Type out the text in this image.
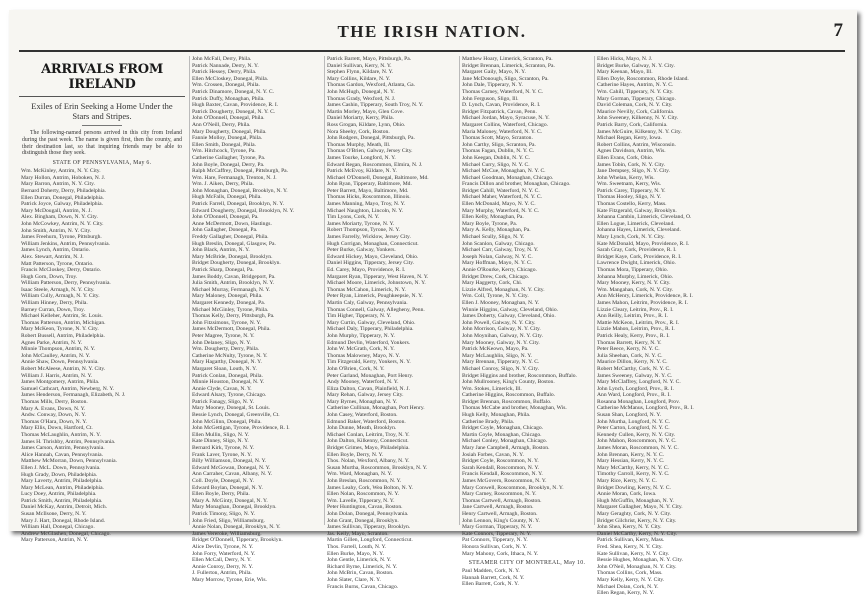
THE IRISH NATION.	7
ARRIVALS FROM IRELAND
Exiles of Erin Seeking a Home Under the Stars and Stripes.
The following-named persons arrived in this city from Ireland during the past week. The name is given first, then the county, and their destination last, so that inquiring friends may be able to distinguish those they seek.
STATE OF PENNSYLVANIA, May 6.
Wm. McKinley, Antrim, N. Y. City.
Mary Hollon, Antrim, Hoboken, N. J.
Mary Barron, Antrim, N. Y. City.
Bernard Doherty, Derry, Philadelphia.
Ellen Durran, Donegal, Philadelphia.
Patrick Joyce, Galway, Philadelphia.
Mary McDougall, Antrim, N. J.
Alex. Bingham, Down, N. Y. City.
John McCowkey, Antrim, N. Y. City.
John Smith, Antrim, N. Y. City.
James Freehurn, Tyrone, Pittsburgh.
William Jenkins, Antrim, Pennsylvania.
James Lynch, Antrim, Ontario.
Alex. Stewart, Antrim, N. J.
Matt Patterson, Tyrone, Ontario.
Francis McCloskey, Derry, Ontario.
Hugh Gorn, Down, Troy.
William Patterson, Derry, Pennsylvania.
Isaac Steele, Armagh, N. Y. City.
William Cully, Armagh, N. Y. City.
William Hinney, Derry, Phila.
Barney Curran, Down, Troy.
Michael Kelleher, Antrim, St. Louis.
Thomas Patterson, Antrim, Michigan.
Mary McKeon, Tyrone, N. Y. City.
Robert Bussell, Antrim, Philadelphia.
Agnes Parke, Antrim, N. Y.
Minnie Thompson, Antrim, N. Y.
John McCaulley, Antrim, N. Y.
Annie Shaw, Down, Pennsylvania.
Robert McAleese, Antrim, N. Y. City.
William J. Harris, Antrim, N. Y.
James Montgomery, Antrim, Phila.
Samuel Cathcart, Antrim, Newberg, N. Y.
James Henderson, Fermanagh, Elizabeth, N. J.
Thomas Mills, Derry, Boston.
Mary A. Evans, Down, N. Y.
Andw. Conway, Down, N. Y.
Thomas O'Hara, Down, N. Y.
Mary Ellis, Down, Hartford, Ct.
Thomas McLaughlin, Antrim, N. Y.
James H. Thrishby, Antrim, Pennsylvania.
James Carson, Antrim, Pennsylvania.
Alice Hannah, Cavan, Pennsylvania.
Matthew McMorran, Down, Pennsylvania.
Ellen J. McL. Down, Pennsylvania.
Hugh Grady, Down, Philadelphia.
Mary Laverty, Antrim, Philadelphia.
Mary McLean, Antrim, Philadelphia.
Lucy Doey, Antrim, Philadelphia.
Patrick Smith, Antrim, Philadelphia.
Daniel McKay, Antrim, Detroit, Mich.
Susan McIlsone, Derry, N. Y.
Mary J. Hart, Donegal, Rhode Island.
William Hall, Donegal, Chicago.
Andrew McGlashen, Donegal, Chicago.
Mary Patterson, Antrim, N. Y.
John McFall, Derry, Phila.
Patrick Nannade, Derry, N. Y.
Patrick Hessey, Derry, Phila.
Ellen McCloskey, Donegal, Phila.
Wm. Crossen, Donegal, Phila.
Patrick Dinamore, Donegal, N. Y. C.
Patrick Duffy, Monaghan, Phila.
Hugh Baxter, Cavan, Providence, R. I.
Patrick Dougherty, Donegal, N. Y. C.
John O'Donnell, Donegal, Phila.
Ann O'Neill, Derry, Phila.
Mary Dougherty, Donegal, Phila.
Fannie Molloy, Donegal, Phila.
Ellen Smith, Donegal, Phila.
Wm. Hitchcock, Tyrone, Pa.
Catherine Gallagher, Tyrone, Pa.
John Boyle, Donegal, Derry, Pa.
Ralph McCaffrey, Donegal, Pittsburgh, Pa.
Wm. Hare, Fermanagh, Trenton, N. J.
Wm. J. Aiken, Derry, Phila.
John Monaghan, Donegal, Brooklyn, N. Y.
Hugh McFalls, Donegal, Phila.
Patrick Farrell, Donegal, Brooklyn, N. Y.
Edward Dougherty, Donegal, Brooklyn, N. Y.
John O'Donnell, Donegal, Pa.
Anne McDermott, Down, Hastings.
John Gallagher, Donegal, Pa.
Freddy Gallagher, Donegal, Phila.
Hugh Breslin, Donegal, Glasgow, Pa.
John Black, Antrim, N. Y.
Mary McBride, Donegal, Brooklyn.
Bridget Dougherty, Donegal, Brooklyn.
Patrick Sharp, Donegal, Pa.
James Boddy, Cavan, Bridgeport, Pa.
Julia Smith, Antrim, Brooklyn, N. Y.
Michael Murray, Fermanagh, N. Y.
Mary Maloney, Donegal, Phila.
Margaret Kennedy, Donegal, Pa.
Michael McGinley, Tyrone, Phila.
Thomas Kelly, Derry, Pittsburgh, Pa.
John Fitzsimons, Tyrone, N. Y.
James McDermott, Donegal, Phila.
Peter Magree, Tyrone, N. Y.
John Delaney, Sligo, N. Y.
Wm. Dougherty, Derry, Phila.
Catherine McNulty, Tyrone, N. Y.
Mary Hagarthy, Donegal, N. Y.
Margaret Sloan, Louth, N. Y.
Patrick Conlan, Donegal, Phila.
Minnie Houston, Donegal, N. Y.
Annie Clyde, Cavan, N. Y.
Edward Alsary, Tyrone, Chicago.
Patrick Fanagy, Sligo, N. Y.
Mary Mooney, Donegal, St. Louis.
Bessie Lynch, Donegal, Greenville, Ct.
John McGlinn, Donegal, Phila.
John McGettigan, Tyrone, Providence, R. I.
Ellen Mullin, Sligo, N. Y.
Kate Dinney, Sligo, N. Y.
Bernard Kirk, Tyrone, N. Y.
Frank Laver, Tyrone, N. Y.
Billy Williamson, Donegal, N. Y.
Edward McGowan, Donegal, N. Y.
Ann Carraher, Cavan, Albany, N. Y.
Coll. Doyle, Donegal, N. Y.
Edward Boylan, Donegal, N. Y.
Ellen Boyle, Derry, Phila.
Mary A. McGinty, Donegal, N. Y.
Mary Monaghan, Donegal, Brooklyn.
Patrick Timony, Sligo, N. Y.
John Fried, Sligo, Williamsburg.
Annie Nolan, Donegal, Brooklyn, N. Y.
James Vereroke, Williamsburg.
Bridget O'Donnell, Tipperary, Brooklyn.
Alice Devlin, Tyrone, N. Y.
John Forry, Waterford, N. Y.
Ellen McCall, Derry, N. Y.
Annie Conroy, Derry, N. Y.
J. Fullerton, Antrim, Phila.
Mary Morrow, Tyrone, Erie, Wis.
Patrick Barrett, Mayo, Pittsburgh, Pa.
Daniel Sullivan, Kerry, N. Y.
Stephen Flynn, Kildare, N. Y.
Mary Collins, Kildare, N. Y.
Thomas Gardon, Wexford, Atlanta, Ga.
John McHugh, Donegal, N. Y.
Thomas Grady, Wexford, N. J.
James Cashin, Tipperary, South Troy, N. Y.
Martin Morley, Mayo, Glen Cove.
Daniel Moriarty, Kerry, Phila.
Ross Grogan, Kildare, Lynn, Ohio.
Nora Sheehy, Cork, Boston.
John Rodgers, Donegal, Pittsburgh, Pa.
Thomas Murphy, Meath, Ill.
Thomas O'Brien, Galway, Jersey City.
James Tourke, Longford, N. Y.
Edward Regan, Roscommon, Elmira, N. J.
Patrick McEvoy, Kildare, N. Y.
Michael O'Donnell, Donegal, Baltimore, Md.
John Ryan, Tipperary, Baltimore, Md.
Peter Barrett, Mayo, Baltimore, Md.
Thomas Hicks, Roscommon, Illinois.
James Manning, Mayo, Troy, N. Y.
Michael Naughton, Lincoln, N. Y.
Tim Lyons, Cork, N. Y.
James Moriarty, Tyrone, N. Y.
Robert Thompson, Tyrone, N. Y.
James Farrelly, Wicklow, Jersey City.
Hugh Corrigan, Monaghan, Connecticut.
Peter Burke, Galway, Yonkers.
Edward Hickey, Mayo, Cleveland, Ohio.
Daniel Higgins, Tipperary, Jersey City.
Ed. Carey, Mayo, Providence, R. I.
Margaret Ryan, Tipperary, West Haven, N. Y.
Michael Moore, Limerick, Johnstown, N. Y.
Thomas McCahon, Limerick, N. Y.
Peter Ryan, Limerick, Poughkeepsie, N. Y.
Martin Caly, Galway, Pennsylvania.
Thomas Connell, Galway, Allegheny, Penn.
Tim Higher, Tipperary, N. Y.
Mary Curtin, Galway, Cleveland, Ohio.
Michael Daly, Tipperary, Philadelphia.
John Murphy, Tipperary, N. Y.
Edmund Devlin, Waterford, Yonkers.
John W. McGrath, Cork, N. Y.
Thomas Malowney, Mayo, N. Y.
Tim Fitzgerald, Kerry, Yonkers, N. Y.
John O'Brien, Cork, N. Y.
Peter Garland, Monaghan, Port Henry.
Andy Mooney, Waterford, N. Y.
Eliza Dalton, Cavan, Plainfield, N. J.
Mary Rehan, Galway, Jersey City.
Mary Byrnes, Monaghan, N. Y.
Catherine Cullinan, Monaghan, Port Henry.
John Casey, Waterford, Boston.
Edmund Baker, Waterford, Boston.
John Dunne, Meath, Brooklyn.
Michael Conlan, Leitrim, Troy, N. Y.
John Dalton, Kilkenny, Connecticut.
Bridget Grimes, Mayo, Philadelphia.
Ellen Boyle, Derry, N. Y.
Thos. Nolan, Wexford, Albany, N. Y.
Susan Murtha, Roscommon, Brooklyn, N. Y.
Wm. Ward, Monaghan, N. Y.
John Breslan, Roscommon, N. Y.
James Leahy, Cork, Wea Bolton, N. Y.
Ellen Nolan, Roscommon, N. Y.
Wm. Lavelle, Tipperary, N. Y.
Peter Huntington, Cavan, Boston.
John Dolan, Donegal, Pennsylvania.
John Grant, Donegal, Brooklyn.
James Sullivan, Tipperary, Brooklyn.
Jas. Keily, Mayo, Scranton.
Martin Gillen, Longford, Connecticut.
Thos. Farrell, Louth, N. Y.
Ellen Burke, Mayo, N. Y.
John Gentle, Limerick, N. Y.
Richard Byrne, Limerick, N. Y.
John McBrin, Cavan, Boston.
John Slater, Clare, N. Y.
Francis Burns, Cavan, Chicago.
Matthew Hoary, Limerick, Scranton, Pa.
Bridget Brennan, Limerick, Scranton, Pa.
Margaret Gaily, Mayo, N. Y.
Jane McDonough, Sligo, Scranton, Pa.
John Dale, Tipperary, N. Y.
Thomas Carney, Waterford, N. Y. C.
John Ferguson, Sligo, Ill.
D. Lynch, Cavan, Providence, R. I.
Bridget Fitzpatrick, Cavan, Penn.
Michael Jordan, Mayo, Syracuse, N. Y.
Margaret Collins, Waterford, Chicago.
Maria Maloney, Waterford, N. Y. C.
Thomas Scott, Mayo, Scranton.
John Carthy, Sligo, Scranton, Pa.
Thomas Fagan, Dublin, N. Y. C.
John Keegan, Dublin, N. Y. C.
Michael Curry, Sligo, N. Y. C.
Michael McCue, Monaghan, N. Y. C.
Michael Goodman, Monaghan, Chicago.
Francis Dillon and brother, Monaghan, Chicago.
Bridget Cahill, Waterford, N. Y. C.
Michael Maher, Waterford, N. Y. C.
Ellen McDonald, Mayo, N. Y. C.
Mary Murphy, Waterford, N. Y. C.
Ellen Kelly, Monaghan, Pa.
Mary Boyle, Tyrone, Pa.
Mary A. Kelly, Monaghan, Pa.
Michael Scully, Sligo, N. Y.
John Scanlon, Galway, Chicago.
Michael Carr, Galway, Troy, N. Y.
Joseph Nolan, Galway, N. Y. C.
Mary Hoffman, Mayo, N. Y. C.
Annie O'Rourke, Kerry, Chicago.
Bridget Drew, Cork, Chicago.
Mary Haggerty, Cork, Chi.
Lizzie Alfred, Monaghan, N. Y. City.
Wm. Coll, Tyrone, N. Y. City.
Ellen J. Mooney, Monaghan, N. Y.
Winnie Higgins, Galway, Cleveland, Ohio.
James Doherty, Galway, Cleveland, Ohio.
John Powell, Galway, N. Y. City.
John Morrison, Galway, N. Y. City.
John Moynihan, Galway, N. Y. City.
Mary Mooney, Galway, N. Y. City.
Patrick McKeown, Mayo, Pa.
Mary McLaughlin, Sligo, N. Y.
Mary Brennan, Tipperary, N. Y. C.
Michael Conroy, Sligo, N. Y. City.
Bridget Higgins and brother, Roscommon, Buffalo.
John Mullrooney, King's County, Boston.
Wm. Stokes, Limerick, Ill.
Catherine Higgins, Roscommon, Buffalo.
Bridget Brennan, Roscommon, Buffalo.
Thomas McCabe and brother, Monaghan, Wis.
Hugh Kelly, Monaghan, Phila.
Catherine Brady, Phila.
Bridget Coyle, Monaghan, Chicago.
Martin Coyle, Monaghan, Chicago.
Michael Conley, Monaghan, Chicago.
Mary Jane Campbell, Armagh, Boston.
Josiah Forbes, Cavan, N. Y.
Bridget Coyle, Roscommon, N. Y.
Sarah Kendall, Roscommon, N. Y.
Francis Kendall, Roscommon, N. Y.
James McGovern, Roscommon, N. Y.
Mary Conwell, Roscommon, Brooklyn, N. Y.
Mary Carney, Roscommon, N. Y.
Thomas Cartwell, Armagh, Boston.
Jane Cartwell, Armagh, Boston.
Henry Cartwell, Armagh, Boston.
John Lennon, King's County, N. Y.
Mary Gorman, Tipperary, N. Y.
Kate Connors, Tipperary, N. Y.
Pat Connors, Tipperary, N. Y.
Honora Sullivan, Cork, N. Y.
Mary Mahony, Cork, Ithaca, N. Y.
STEAMER CITY OF MONTREAL, May 10.
Paul Madden, Cork, N. Y.
Hannah Barrett, Cork, N. Y.
Ellen Barrett, Cork, N. Y.
Ellen Hicks, Mayo, N. J.
Bridget Burke, Galway, N. Y. City.
Mary Keenan, Mayo, Ill.
Ellen Doyle, Roscommon, Rhode Island.
Catherine Hayes, Antrim, N. Y. C.
Wm. Cahill, Tipperary, N. Y. City.
Mary Gorman, Tipperary, Chicago.
David Coleman, Cork, N. Y. City.
Maurice Nevilly, Cork, California.
John Sweeney, Kilkenny, N. Y. City.
Patrick Barry, Cork, California.
James McGuire, Kilkenny, N. Y. City.
Michael Regan, Kerry, Iowa.
Robert Collins, Antrim, Wisconsin.
Agnes Davidson, Antrim, Wis.
Ellen Evans, Cork, Ohio.
James Tobin, Cork, N. Y. City.
Jane Dempsey, Sligo, N. Y. City.
John Whelan, Kerry, Wis.
Wm. Sweetnam, Kerry, Wis.
Patrick Carey, Tipperary, N. Y.
Thomas Hooley, Sligo, N. Y.
Thomas Costello, Kerry, Mass.
Kate Fitzgerald, Galway, Brooklyn.
Johanna Cambin, Limerick, Cleveland, O.
Ellen Logue, Limerick, Cleveland.
Johanna Hayes, Limerick, Cleveland.
Mary Lynch, Cork, N. Y. City.
Kate McDonald, Mayo, Providence, R. I.
Sarah Gray, Cork, Providence, R. I.
Bridget Kaye, Cork, Providence, R. I.
Lawrence Dwight, Limerick, Ohio.
Thomas Mora, Tipperary, Ohio.
Johanna Murphy, Limerick, Ohio.
Mary Mooney, Kerry, N. Y. City.
Wm. Mangahan, Cork, N. Y. City.
Ann McHenry, Limerick, Providence, R. I.
James Mahon, Leitrim, Providence, R. I.
Lizzie Cleary, Leitrim, Prov., R. I.
Ann Reilly, Leitrim, Prov., R. I.
Mattie McKeon, Leitrim, Prov., R. I.
Lizzie Mahon, Leitrim, Prov., R. I.
Patrick Healy, Kerry, Prov., R. I.
Thomas Barrett, Kerry, N. Y.
Peter Reece, Kerry, N. Y. C.
Julia Sheehan, Cork, N. Y. C.
Maurice Dillon, Kerry, N. Y. C.
Robert McCarthy, Cork, N. Y. C.
James Sweeney, Galway, N. Y. C.
Mary McClaffrey, Longford, N. Y. C.
John Lynch, Longford, Prov., R. I.
Ann Ward, Longford, Prov., R. I.
Rosanna Monaghan, Longford, Prov.
Catherine McManus, Longford, Prov., R. I.
Susan Shan, Longford, N. Y.
John Murtha, Longford, N. Y. C.
Peter Carton, Longford, N. Y. C.
Kennedy Cullen, Kerry, N. Y. City.
John Mahon, Roscommon, N. Y. C.
James Moran, Roscommon, N. Y. C.
John Brennan, Kerry, N. Y. C.
Mary Hessian, Kerry, N. Y. C.
Mary McCarthy, Kerry, N. Y. C.
Timothy Carroll, Kerry, N. Y. C.
Mary Rice, Kerry, N. Y. C.
Bridget Dowling, Kerry, N. Y. C.
Annie Moran, Cork, Iowa.
Hugh McGuffin, Monaghan, N. Y.
Margaret Gallagher, Mayo, N. Y. City.
Mary Geraghty, Cork, N. Y. City.
Bridget Gilchrist, Kerry, N. Y. City.
John Shea, Kerry, N. Y. City.
Daniel McCarthy, Kerry, N. Y. City.
Patrick Sullivan, Kerry, Mass.
Fred. Shea, Kerry, N. Y. City.
Kate Sullivan, Kerry, N. Y. City.
Bessie Hughes, Monaghan, N. Y. City.
John O'Neil, Monaghan, N. Y. City.
Thomas Collins, Cork, Mass.
Mary Kelly, Kerry, N. Y. City.
Michael Dolan, Cork, N. Y.
Ellen Regan, Kerry, N. Y.
